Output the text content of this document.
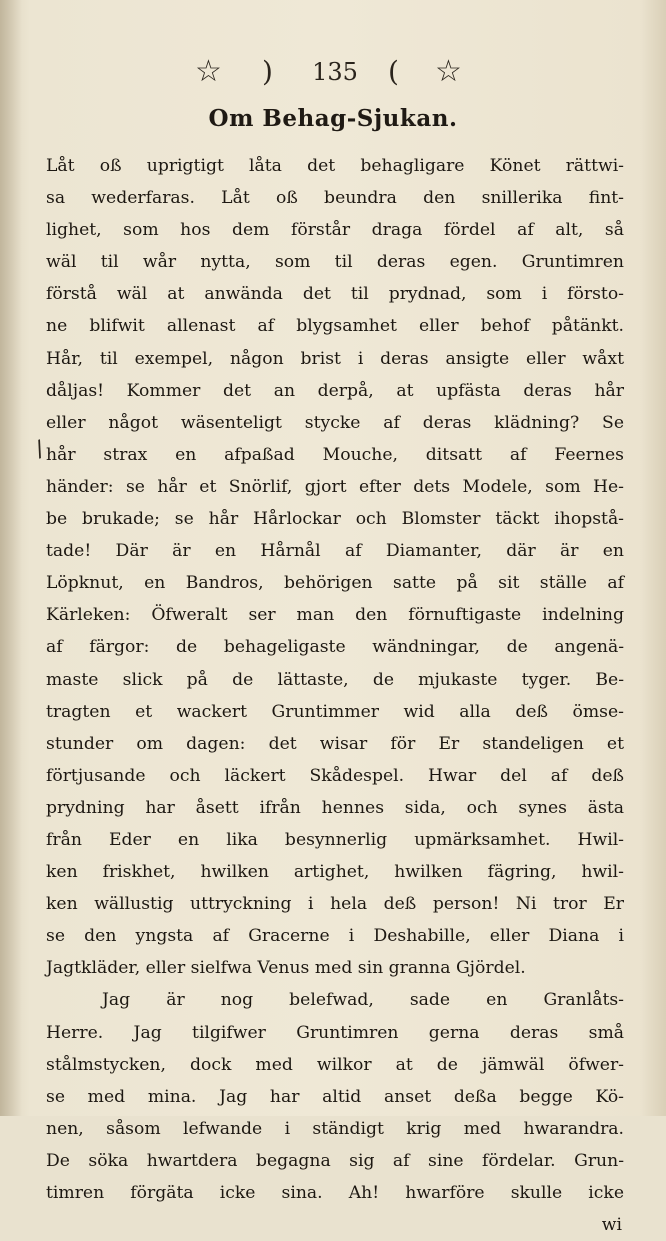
☆ )	135	( ☆
Om Behag-Sjukan.
/
Låt oß uprigtigt låta det behagligare Könet rättwi-
sa wederfaras. Låt oß beundra den snillerika fint-
lighet, som hos dem förstår draga fördel af alt, så
wäl til wår nytta, som til deras egen. Gruntimren
förstå wäl at anwända det til prydnad, som i försto-
ne blifwit allenast af blygsamhet eller behof påtänkt.
Hår, til exempel, någon brist i deras ansigte eller wåxt
dåljas! Kommer det an derpå, at upfästa deras hår
eller något wäsenteligt stycke af deras klädning? Se
hår strax en afpaßad Mouche, ditsatt af Feernes
händer: se hår et Snörlif, gjort efter dets Modele, som He-
be brukade; se hår Hårlockar och Blomster täckt ihopstå-
tade! Där är en Hårnål af Diamanter, där är en
Löpknut, en Bandros, behörigen satte på sit ställe af
Kärleken: Öfweralt ser man den förnuftigaste indelning
af färgor: de behageligaste wändningar, de angenä-
maste slick på de lättaste, de mjukaste tyger. Be-
tragten et wackert Gruntimmer wid alla deß ömse-
stunder om dagen: det wisar för Er standeligen et
förtjusande och läckert Skådespel. Hwar del af deß
prydning har åsett ifrån hennes sida, och synes ästa
från Eder en lika besynnerlig upmärksamhet. Hwil-
ken friskhet, hwilken artighet, hwilken fägring, hwil-
ken wällustig uttryckning i hela deß person! Ni tror Er
se den yngsta af Gracerne i Deshabille, eller Diana i
Jagtkläder, eller sielfwa Venus med sin granna Gjördel.
Jag är nog belefwad, sade en Granlåts-
Herre. Jag tilgifwer Gruntimren gerna deras små
stålmstycken, dock med wilkor at de jämwäl öfwer-
se med mina. Jag har altid anset deßa begge Kö-
nen, såsom lefwande i ständigt krig med hwarandra.
De söka hwartdera begagna sig af sine fördelar. Grun-
timren förgäta icke sina. Ah! hwarföre skulle icke
wi
